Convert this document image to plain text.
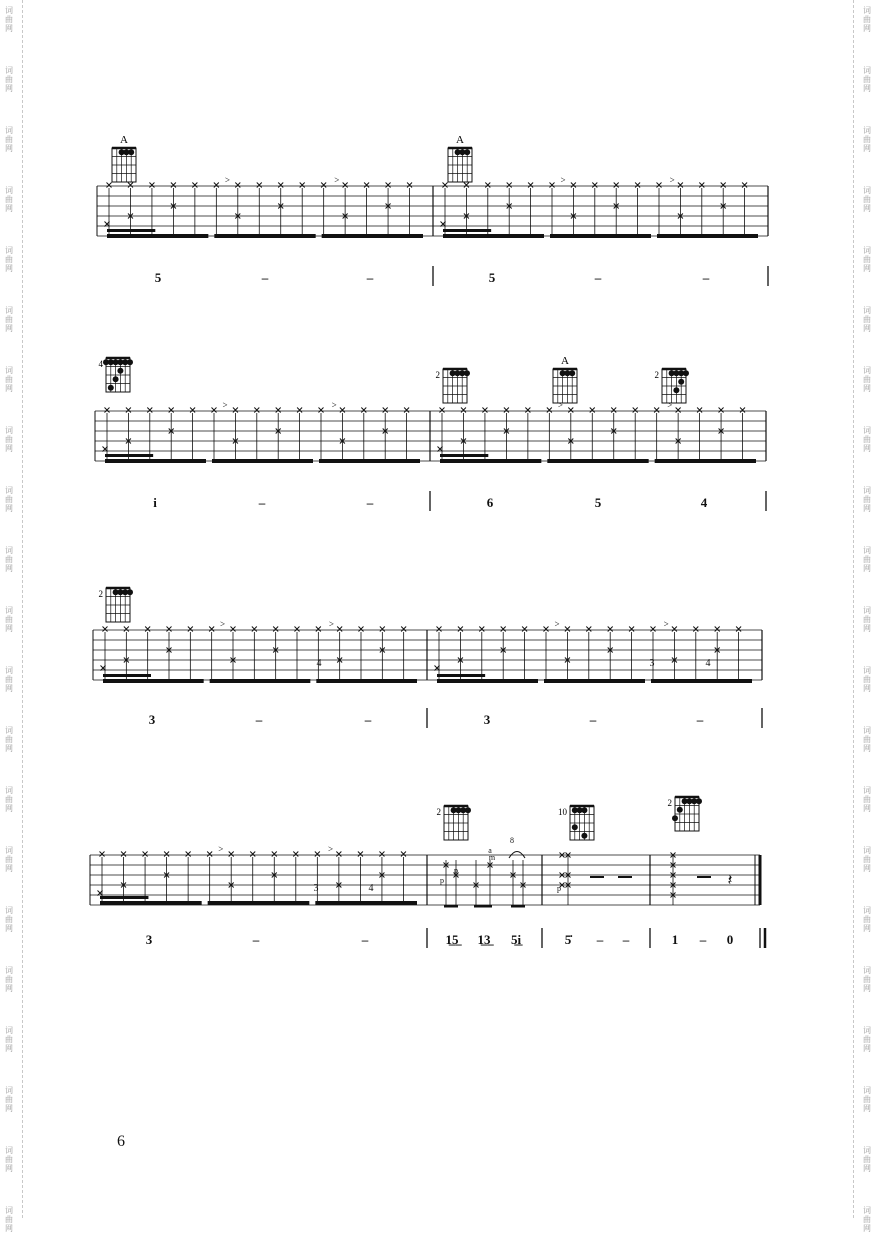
词
曲
网
词
曲
网
词
曲
网
词
曲
网
词
曲
网
词
曲
网
词
曲
网
词
曲
网
词
曲
网
词
曲
网
词
曲
网
词
曲
网
词
曲
网
词
曲
网
词
曲
网
词
曲
网
词
曲
网
词
曲
网
词
曲
网
词
曲
网
词
曲
网
词
曲
网
词
曲
网
词
曲
网
词
曲
网
词
曲
网
词
曲
网
词
曲
网
词
曲
网
词
曲
网
词
曲
网
词
曲
网
词
曲
网
词
曲
网
词
曲
网
词
曲
网
词
曲
网
词
曲
网
词
曲
网
词
曲
网
词
曲
网
词
曲
网
>	>	>	>
5	–	–	5	–	–
A	A
>	>	>	>
i	–	–	6	5	4
4
2
A
2
>	>	>	>
4	3	4
3	–	–	3	–	–
2
>	>
𝄽
3	4
p
p
m
a
8
p
3	–	–	1̲5̲	1̲3̲	5̲i̲	5̇ – –	1 – 0
2	10
2
6
